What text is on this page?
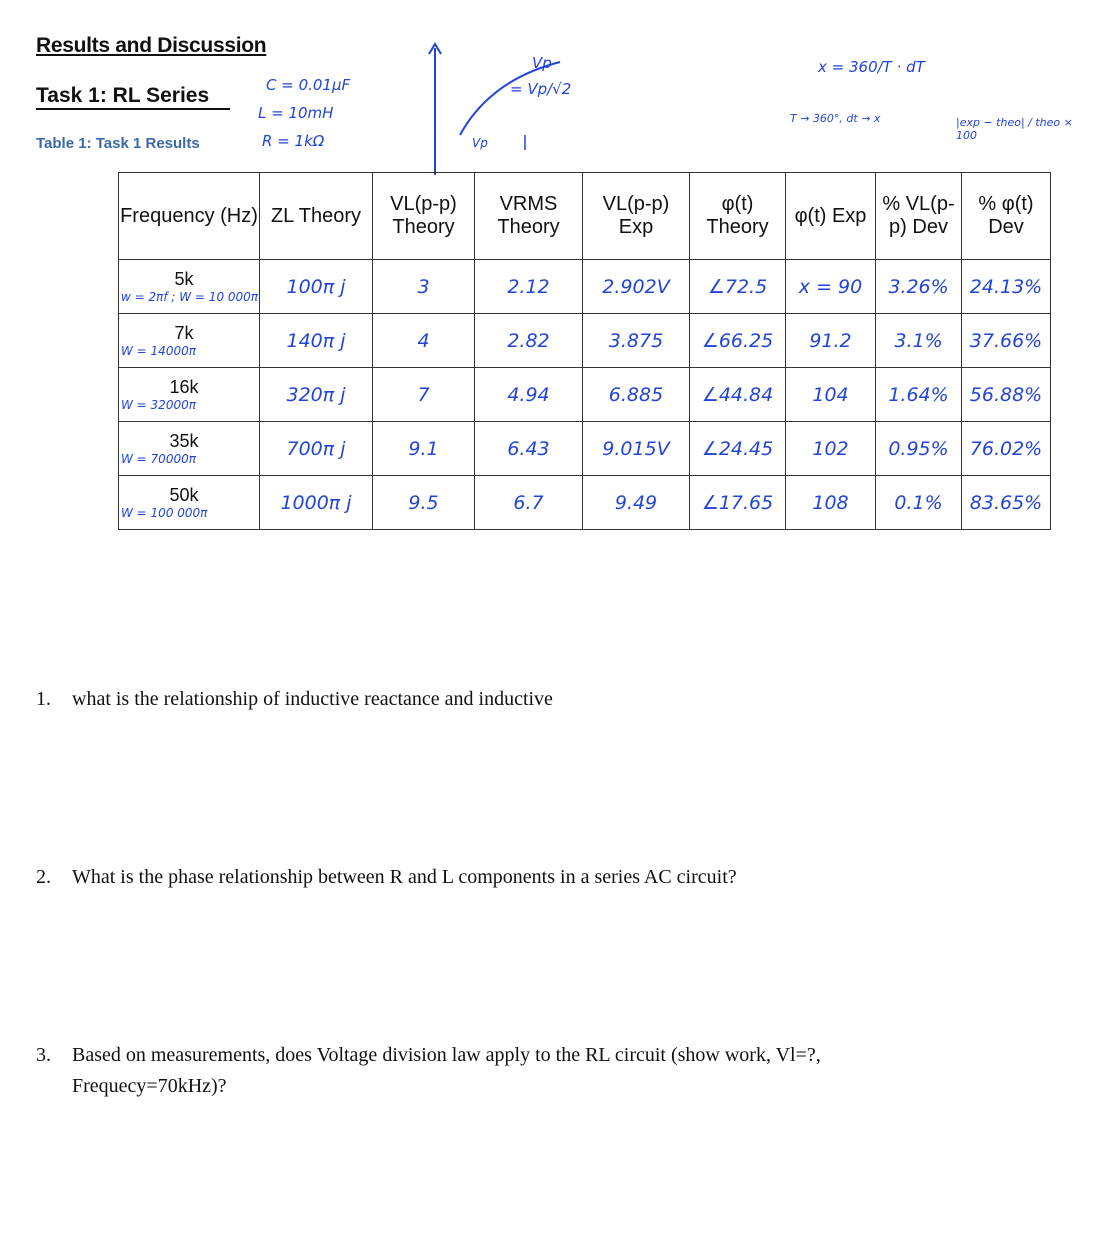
Results and Discussion
Task 1: RL Series
Table 1: Task 1 Results
C = 0.01µF
L = 10mH
R = 1kΩ
Vp
= Vp/√2
Vp
x = 360/T · dT
T → 360°, dt → x	|exp − theo| / theo × 100
Frequency (Hz)	ZL Theory	VL(p-p) Theory	VRMS Theory	VL(p-p) Exp	φ(t) Theory	φ(t) Exp	% VL(p-p) Dev	% φ(t) Dev

5k
w = 2πf ; W = 10 000π	100π j	3	2.12	2.902V	∠72.5	x = 90	3.26%	24.13%

7k
W = 14000π	140π j	4	2.82	3.875	∠66.25	91.2	3.1%	37.66%

16k
W = 32000π	320π j	7	4.94	6.885	∠44.84	104	1.64%	56.88%

35k
W = 70000π	700π j	9.1	6.43	9.015V	∠24.45	102	0.95%	76.02%

50k
W = 100 000π	1000π j	9.5	6.7	9.49	∠17.65	108	0.1%	83.65%
1. what is the relationship of inductive reactance and inductive
2. What is the phase relationship between R and L components in a series AC circuit?
3. Based on measurements, does Voltage division law apply to the RL circuit (show work, Vl=?,
Frequecy=70kHz)?
